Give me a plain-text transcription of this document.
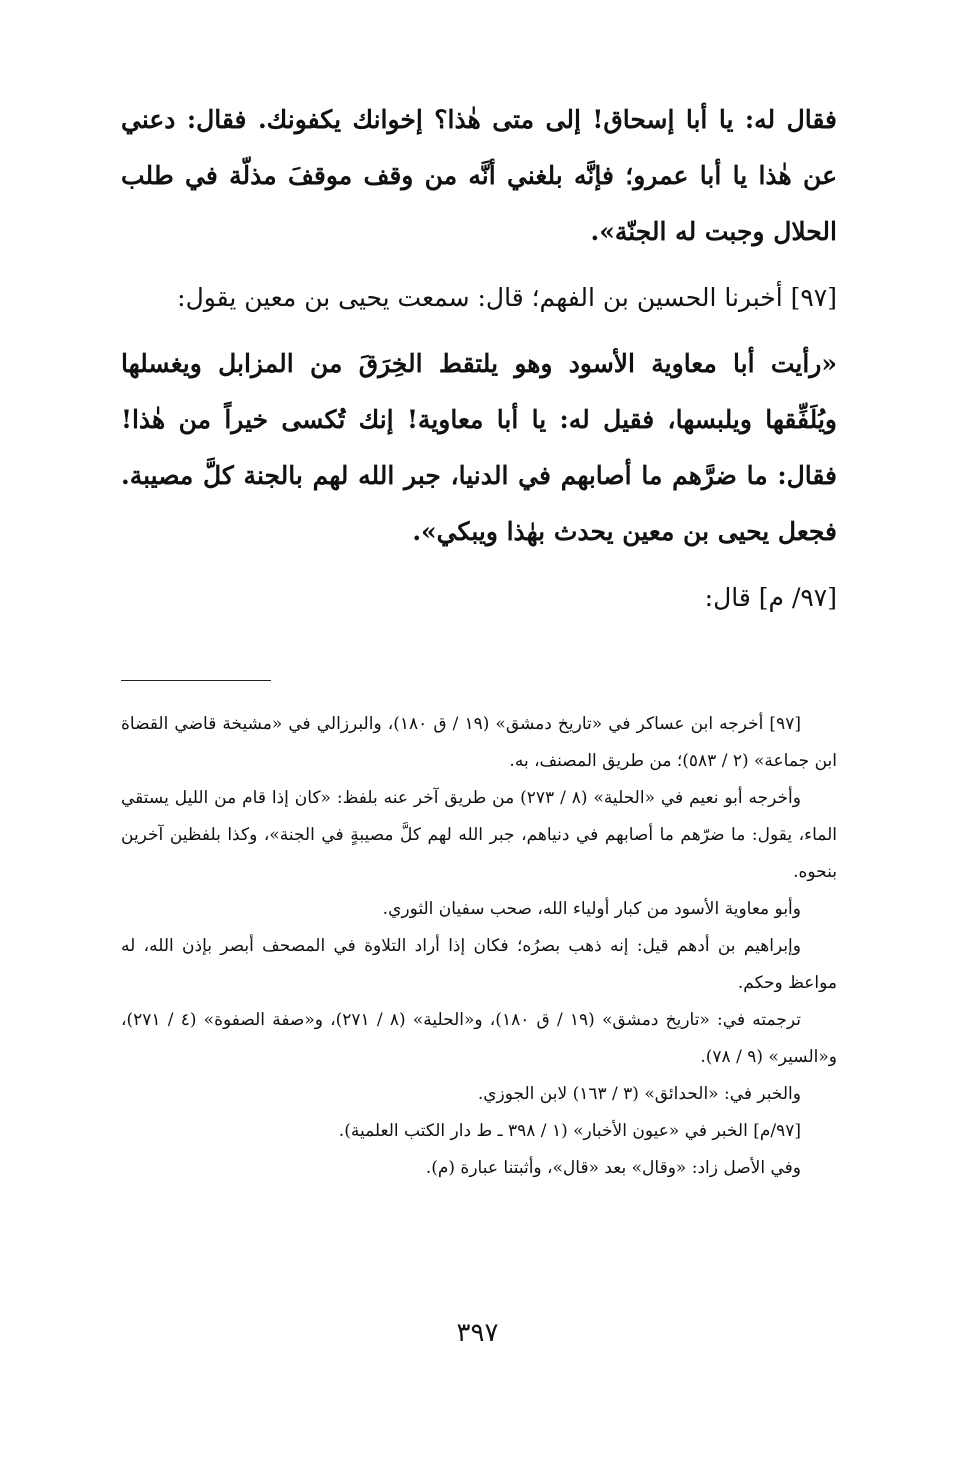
فقال له: يا أبا إسحاق! إلى متى هٰذا؟ إخوانك يكفونك. فقال: دعني عن هٰذا يا أبا عمرو؛ فإنَّه بلغني أنَّه من وقف موقفَ مذلّة في طلب الحلال وجبت له الجنّة».

[٩٧] أخبرنا الحسين بن الفهم؛ قال: سمعت يحيى بن معين يقول:

«رأيت أبا معاوية الأسود وهو يلتقط الخِرَقَ من المزابل ويغسلها ويُلَفِّقها ويلبسها، فقيل له: يا أبا معاوية! إنك تُكسى خيراً من هٰذا! فقال: ما ضرَّهم ما أصابهم في الدنيا، جبر الله لهم بالجنة كلَّ مصيبة. فجعل يحيى بن معين يحدث بهٰذا ويبكي».

[٩٧/ م] قال:

[٩٧] أخرجه ابن عساكر في «تاريخ دمشق» (١٩ / ق ١٨٠)، والبرزالي في «مشيخة قاضي القضاة ابن جماعة» (٢ / ٥٨٣)؛ من طريق المصنف، به.

وأخرجه أبو نعيم في «الحلية» (٨ / ٢٧٣) من طريق آخر عنه بلفظ: «كان إذا قام من الليل يستقي الماء، يقول: ما ضرّهم ما أصابهم في دنياهم، جبر الله لهم كلَّ مصيبةٍ في الجنة»، وكذا بلفظين آخرين بنحوه.

وأبو معاوية الأسود من كبار أولياء الله، صحب سفيان الثوري.

وإبراهيم بن أدهم قيل: إنه ذهب بصرُه؛ فكان إذا أراد التلاوة في المصحف أبصر بإذن الله، له مواعظ وحكم.

ترجمته في: «تاريخ دمشق» (١٩ / ق ١٨٠)، و«الحلية» (٨ / ٢٧١)، و«صفة الصفوة» (٤ / ٢٧١)، و«السير» (٩ / ٧٨).

والخبر في: «الحدائق» (٣ / ١٦٣) لابن الجوزي.

[٩٧/م] الخبر في «عيون الأخبار» (١ / ٣٩٨ ـ ط دار الكتب العلمية).

وفي الأصل زاد: «وقال» بعد «قال»، وأثبتنا عبارة (م).

٣٩٧
